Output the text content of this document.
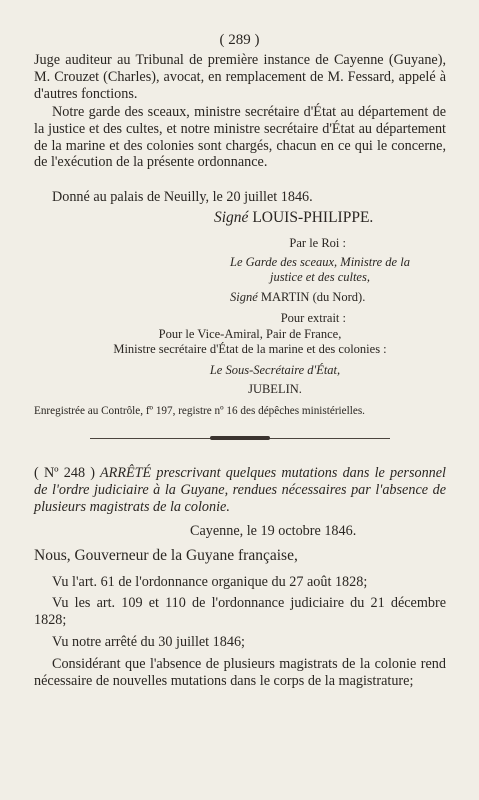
( 289 )
Juge auditeur au Tribunal de première instance de Cayenne (Guyane), M. Crouzet (Charles), avocat, en remplacement de M. Fessard, appelé à d'autres fonctions.
Notre garde des sceaux, ministre secrétaire d'État au département de la justice et des cultes, et notre ministre secrétaire d'État au département de la marine et des colonies sont chargés, chacun en ce qui le concerne, de l'exécution de la présente ordonnance.
Donné au palais de Neuilly, le 20 juillet 1846.
Signé LOUIS-PHILIPPE.
Par le Roi :
Le Garde des sceaux, Ministre de la
justice et des cultes,
Signé MARTIN (du Nord).
Pour extrait :
Pour le Vice-Amiral, Pair de France,
Ministre secrétaire d'État de la marine et des colonies :
Le Sous-Secrétaire d'État,
JUBELIN.
Enregistrée au Contrôle, fº 197, registre nº 16 des dépêches ministérielles.
( Nº 248 ) ARRÊTÉ prescrivant quelques mutations dans le personnel de l'ordre judiciaire à la Guyane, rendues nécessaires par l'absence de plusieurs magistrats de la colonie.
Cayenne, le 19 octobre 1846.
Nous, Gouverneur de la Guyane française,
Vu l'art. 61 de l'ordonnance organique du 27 août 1828;
Vu les art. 109 et 110 de l'ordonnance judiciaire du 21 décembre 1828;
Vu notre arrêté du 30 juillet 1846;
Considérant que l'absence de plusieurs magistrats de la colonie rend nécessaire de nouvelles mutations dans le corps de la magistrature;
